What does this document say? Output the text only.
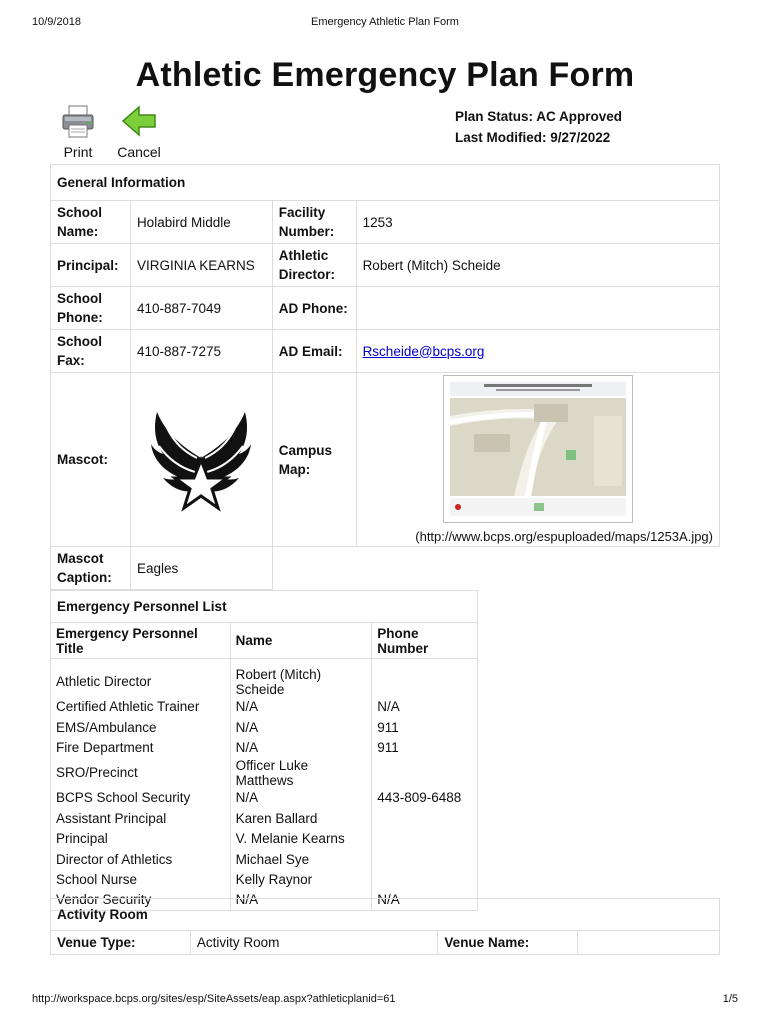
10/9/2018	Emergency Athletic Plan Form
Athletic Emergency Plan Form
Plan Status: AC Approved
Last Modified: 9/27/2022
Print	Cancel
General Information			
School Name:	Holabird Middle	Facility Number:	1253
Principal:	VIRGINIA KEARNS	Athletic Director:	Robert (Mitch) Scheide
School Phone:	410-887-7049	AD Phone:	
School Fax:	410-887-7275	AD Email:	Rscheide@bcps.org
Mascot:		Campus Map:	(http://www.bcps.org/espuploaded/maps/1253A.jpg)

Mascot Caption:	Eagles		
Emergency Personnel List		
Emergency Personnel Title	Name	Phone Number

Athletic Director	Robert (Mitch) Scheide	
Certified Athletic Trainer	N/A	N/A
EMS/Ambulance	N/A	911
Fire Department	N/A	911
SRO/Precinct	Officer Luke Matthews	
BCPS School Security	N/A	443-809-6488
Assistant Principal	Karen Ballard	
Principal	V. Melanie Kearns	
Director of Athletics	Michael Sye	
School Nurse	Kelly Raynor	
Vendor Security	N/A	N/A
Activity Room
Venue Type:	Activity Room	Venue Name:	
http://workspace.bcps.org/sites/esp/SiteAssets/eap.aspx?athleticplanid=61	1/5
